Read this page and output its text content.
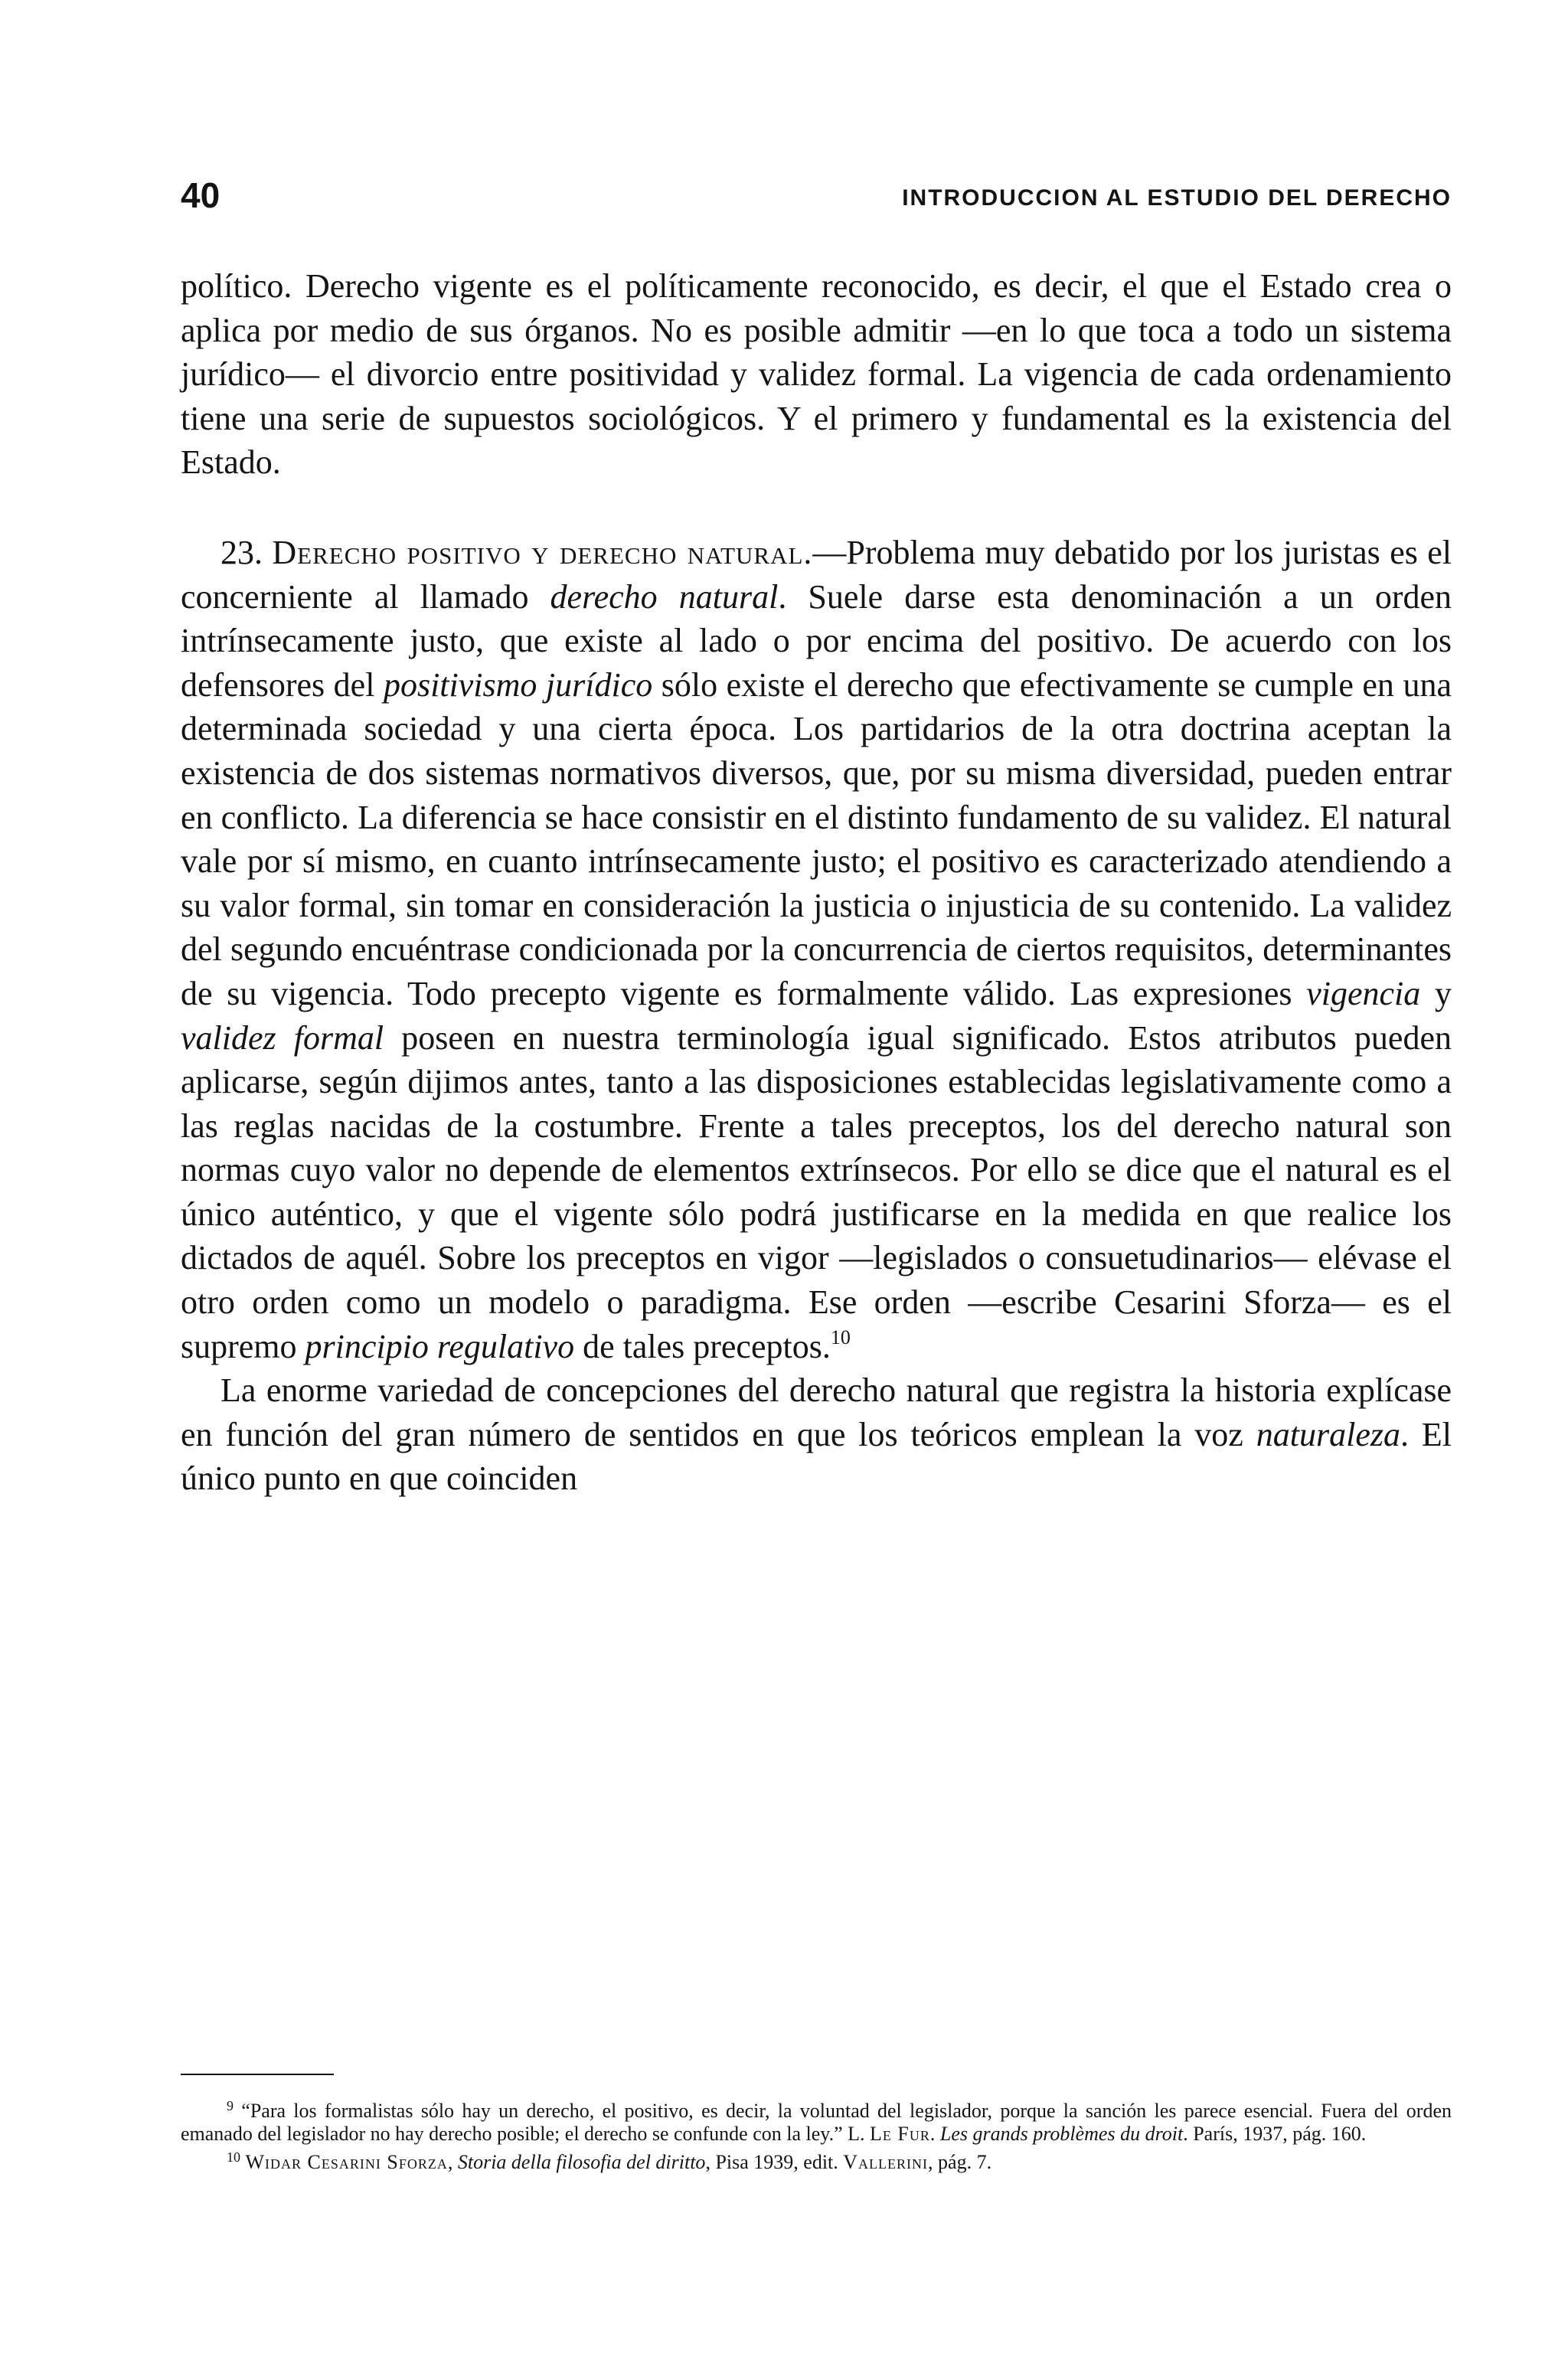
40	INTRODUCCION AL ESTUDIO DEL DERECHO

político. Derecho vigente es el políticamente reconocido, es decir, el que el Estado crea o aplica por medio de sus órganos. No es posible admitir —en lo que toca a todo un sistema jurídico— el divorcio entre positividad y validez formal. La vigencia de cada ordenamiento tiene una serie de supuestos sociológicos. Y el primero y fundamental es la existencia del Estado.

23. Derecho positivo y derecho natural.—Problema muy debatido por los juristas es el concerniente al llamado derecho natural. Suele darse esta denominación a un orden intrínsecamente justo, que existe al lado o por encima del positivo. De acuerdo con los defensores del positivismo jurídico sólo existe el derecho que efectivamente se cumple en una determinada sociedad y una cierta época. Los partidarios de la otra doctrina aceptan la existencia de dos sistemas normativos diversos, que, por su misma diversidad, pueden entrar en conflicto. La diferencia se hace consistir en el distinto fundamento de su validez. El natural vale por sí mismo, en cuanto intrínsecamente justo; el positivo es caracterizado atendiendo a su valor formal, sin tomar en consideración la justicia o injusticia de su contenido. La validez del segundo encuéntrase condicionada por la concurrencia de ciertos requisitos, determinantes de su vigencia. Todo precepto vigente es formalmente válido. Las expresiones vigencia y validez formal poseen en nuestra terminología igual significado. Estos atributos pueden aplicarse, según dijimos antes, tanto a las disposiciones establecidas legislativamente como a las reglas nacidas de la costumbre. Frente a tales preceptos, los del derecho natural son normas cuyo valor no depende de elementos extrínsecos. Por ello se dice que el natural es el único auténtico, y que el vigente sólo podrá justificarse en la medida en que realice los dictados de aquél. Sobre los preceptos en vigor —legislados o consuetudinarios— elévase el otro orden como un modelo o paradigma. Ese orden —escribe Cesarini Sforza— es el supremo principio regulativo de tales preceptos.$^{10}$

La enorme variedad de concepciones del derecho natural que registra la historia explícase en función del gran número de sentidos en que los teóricos emplean la voz naturaleza. El único punto en que coinciden

$^9$ “Para los formalistas sólo hay un derecho, el positivo, es decir, la voluntad del legislador, porque la sanción les parece esencial. Fuera del orden emanado del legislador no hay derecho posible; el derecho se confunde con la ley.” L. Le Fur. Les grands problèmes du droit. París, 1937, pág. 160.

$^{10}$ Widar Cesarini Sforza, Storia della filosofia del diritto, Pisa 1939, edit. Vallerini, pág. 7.
